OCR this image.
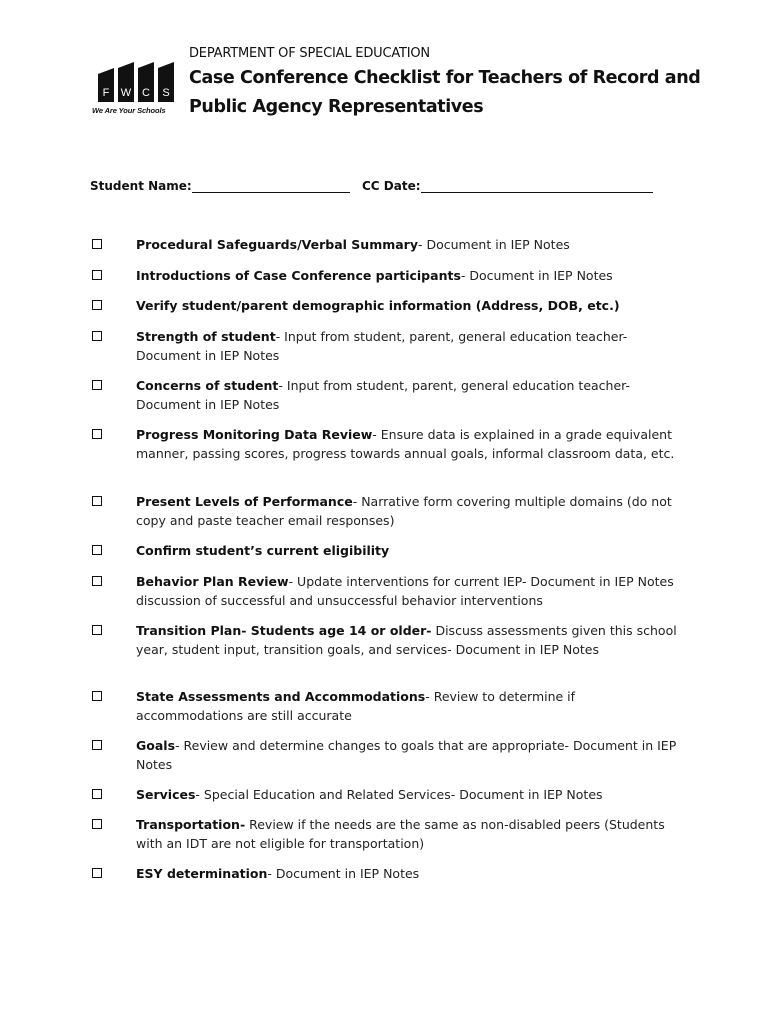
F W C S
We Are Your Schools
DEPARTMENT OF SPECIAL EDUCATION
Case Conference Checklist for Teachers of Record and
Public Agency Representatives
Student Name:	CC Date:
Procedural Safeguards/Verbal Summary- Document in IEP Notes
Introductions of Case Conference participants- Document in IEP Notes
Verify student/parent demographic information (Address, DOB, etc.)
Strength of student- Input from student, parent, general education teacher- Document in IEP Notes
Concerns of student- Input from student, parent, general education teacher- Document in IEP Notes
Progress Monitoring Data Review- Ensure data is explained in a grade equivalent manner, passing scores, progress towards annual goals, informal classroom data, etc.
Present Levels of Performance- Narrative form covering multiple domains (do not copy and paste teacher email responses)
Confirm student’s current eligibility
Behavior Plan Review- Update interventions for current IEP- Document in IEP Notes discussion of successful and unsuccessful behavior interventions
Transition Plan- Students age 14 or older- Discuss assessments given this school year, student input, transition goals, and services- Document in IEP Notes
State Assessments and Accommodations- Review to determine if accommodations are still accurate
Goals- Review and determine changes to goals that are appropriate- Document in IEP Notes
Services- Special Education and Related Services- Document in IEP Notes
Transportation- Review if the needs are the same as non-disabled peers (Students with an IDT are not eligible for transportation)
ESY determination- Document in IEP Notes
